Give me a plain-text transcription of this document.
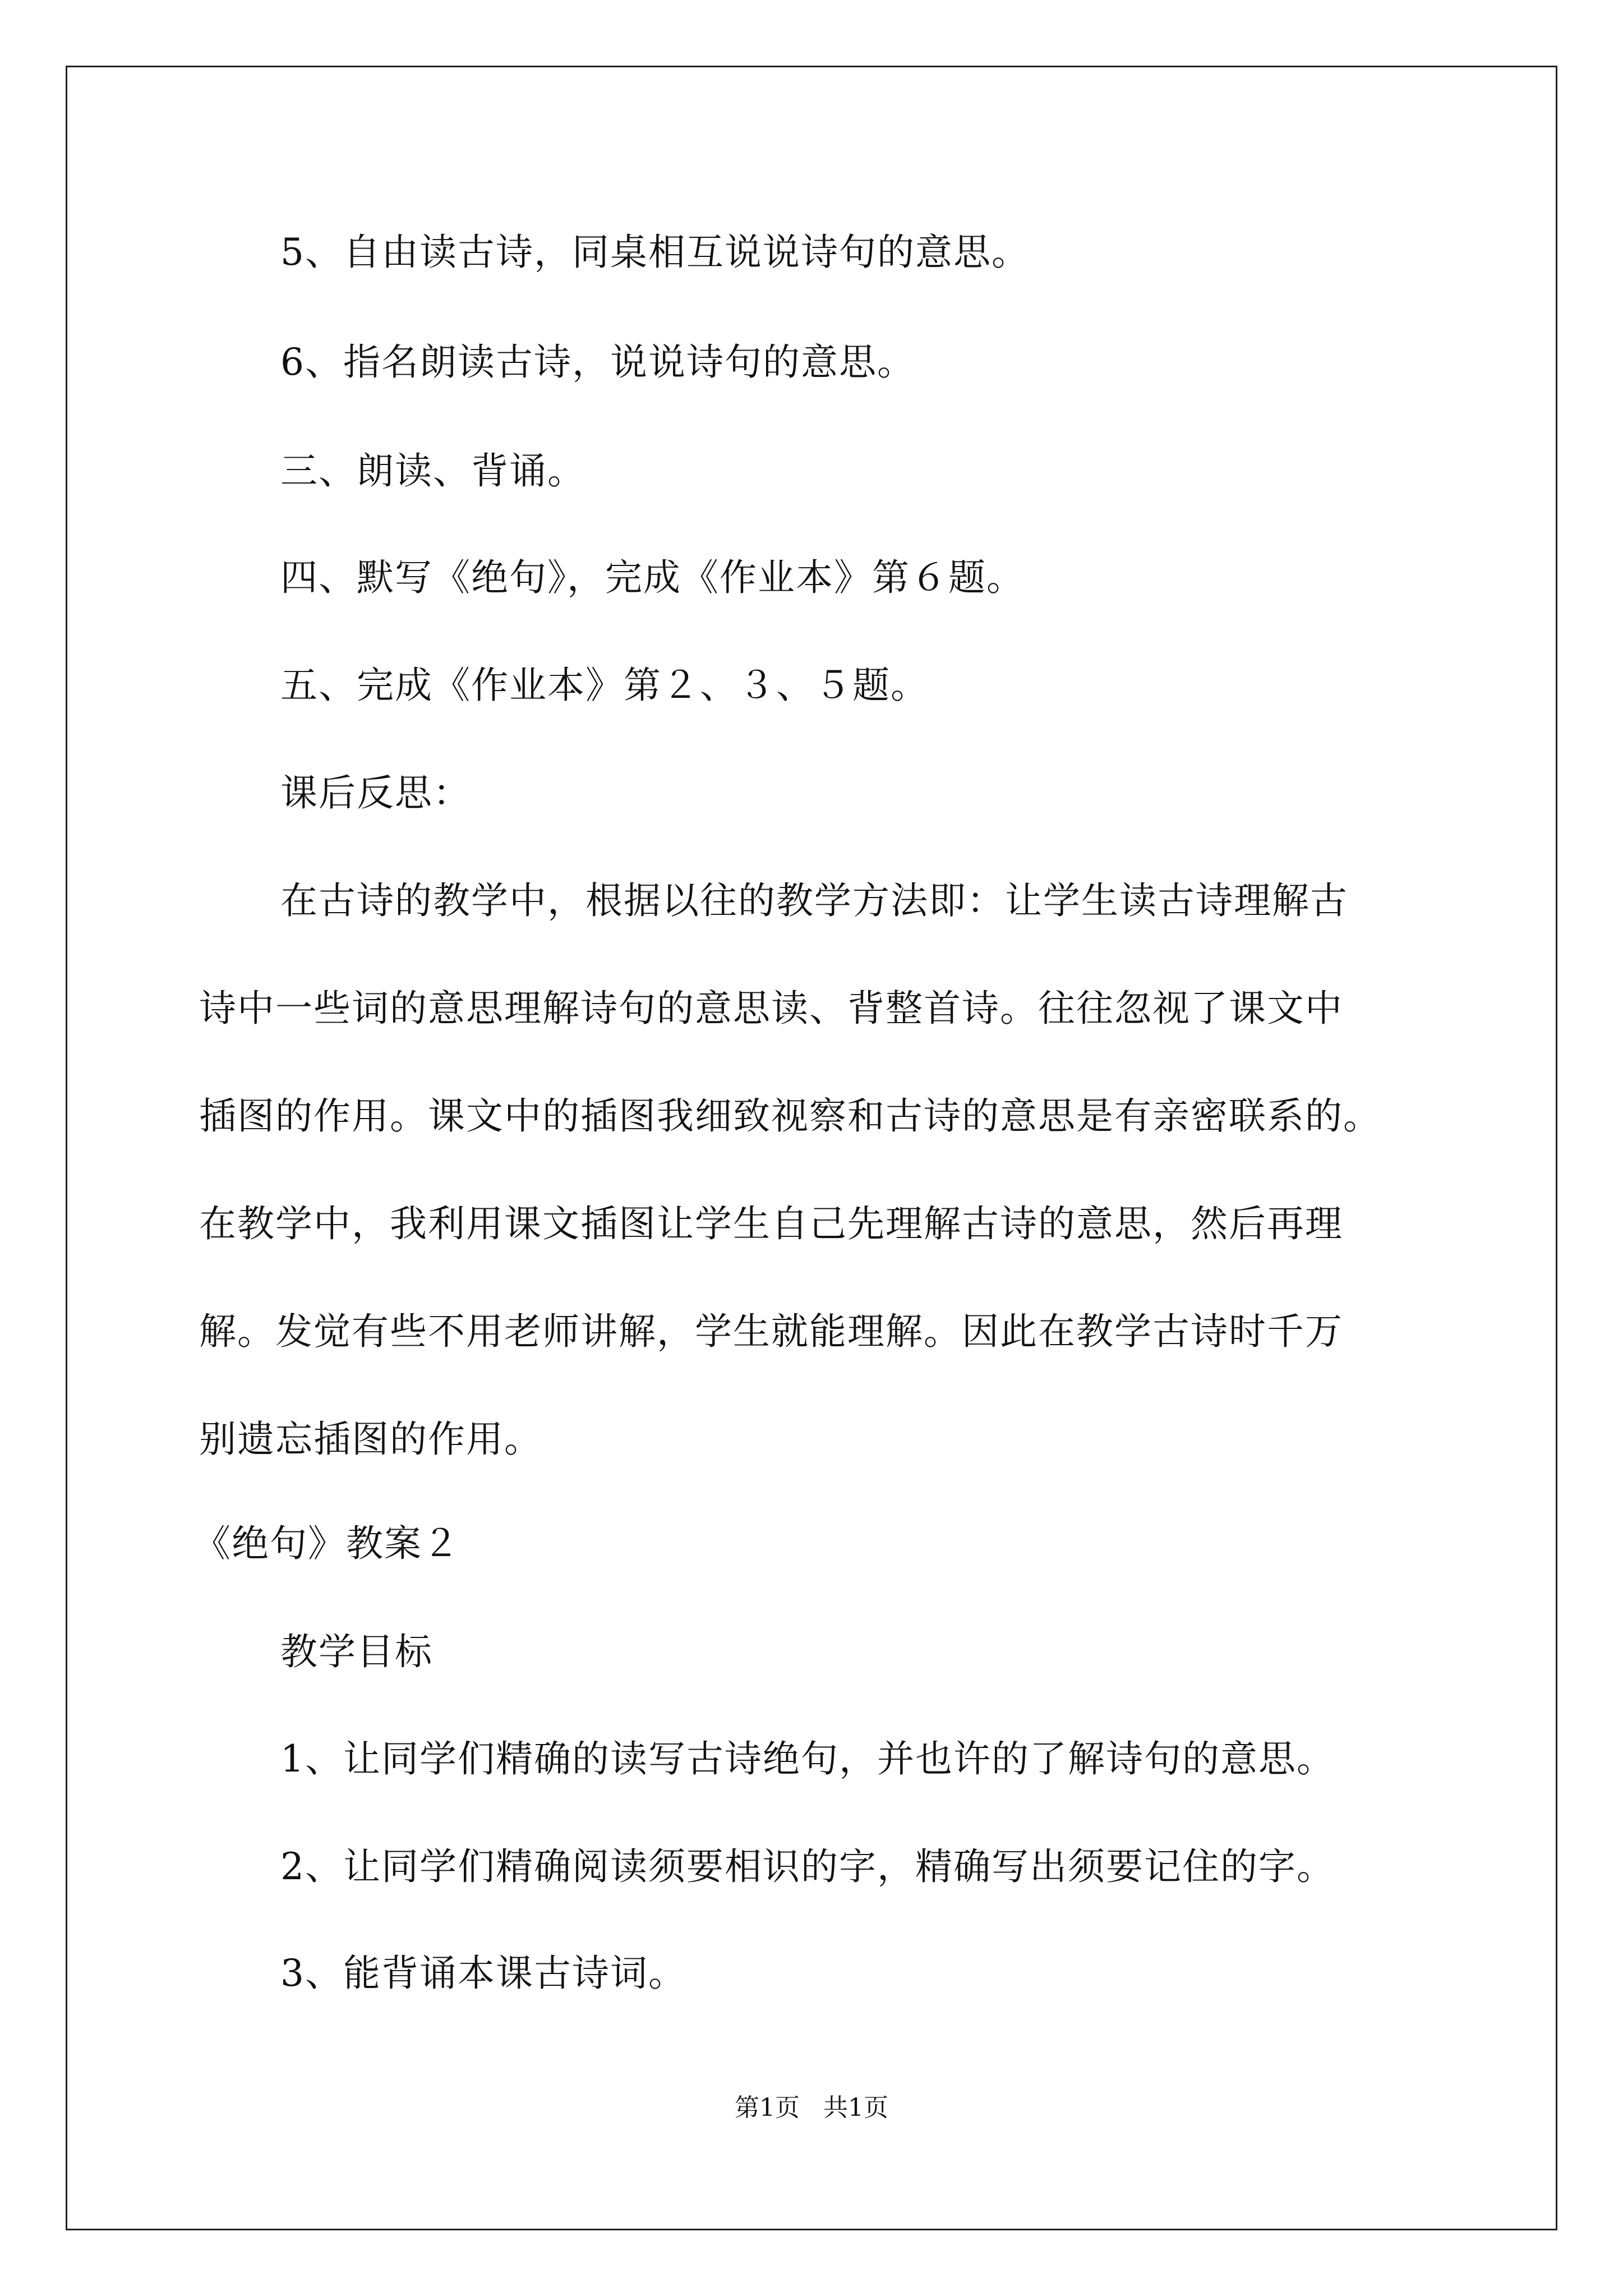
5、自由读古诗，同桌相互说说诗句的意思。
6、指名朗读古诗，说说诗句的意思。
三、朗读、背诵。
四、默写《绝句》，完成《作业本》第６题。
五、完成《作业本》第２、３、５题。
课后反思：
在古诗的教学中，根据以往的教学方法即：让学生读古诗理解古
诗中一些词的意思理解诗句的意思读、背整首诗。往往忽视了课文中
插图的作用。课文中的插图我细致视察和古诗的意思是有亲密联系的。
在教学中，我利用课文插图让学生自己先理解古诗的意思，然后再理
解。发觉有些不用老师讲解，学生就能理解。因此在教学古诗时千万
别遗忘插图的作用。
《绝句》教案２
教学目标
1、让同学们精确的读写古诗绝句，并也许的了解诗句的意思。
2、让同学们精确阅读须要相识的字，精确写出须要记住的字。
3、能背诵本课古诗词。
第1页   共1页
